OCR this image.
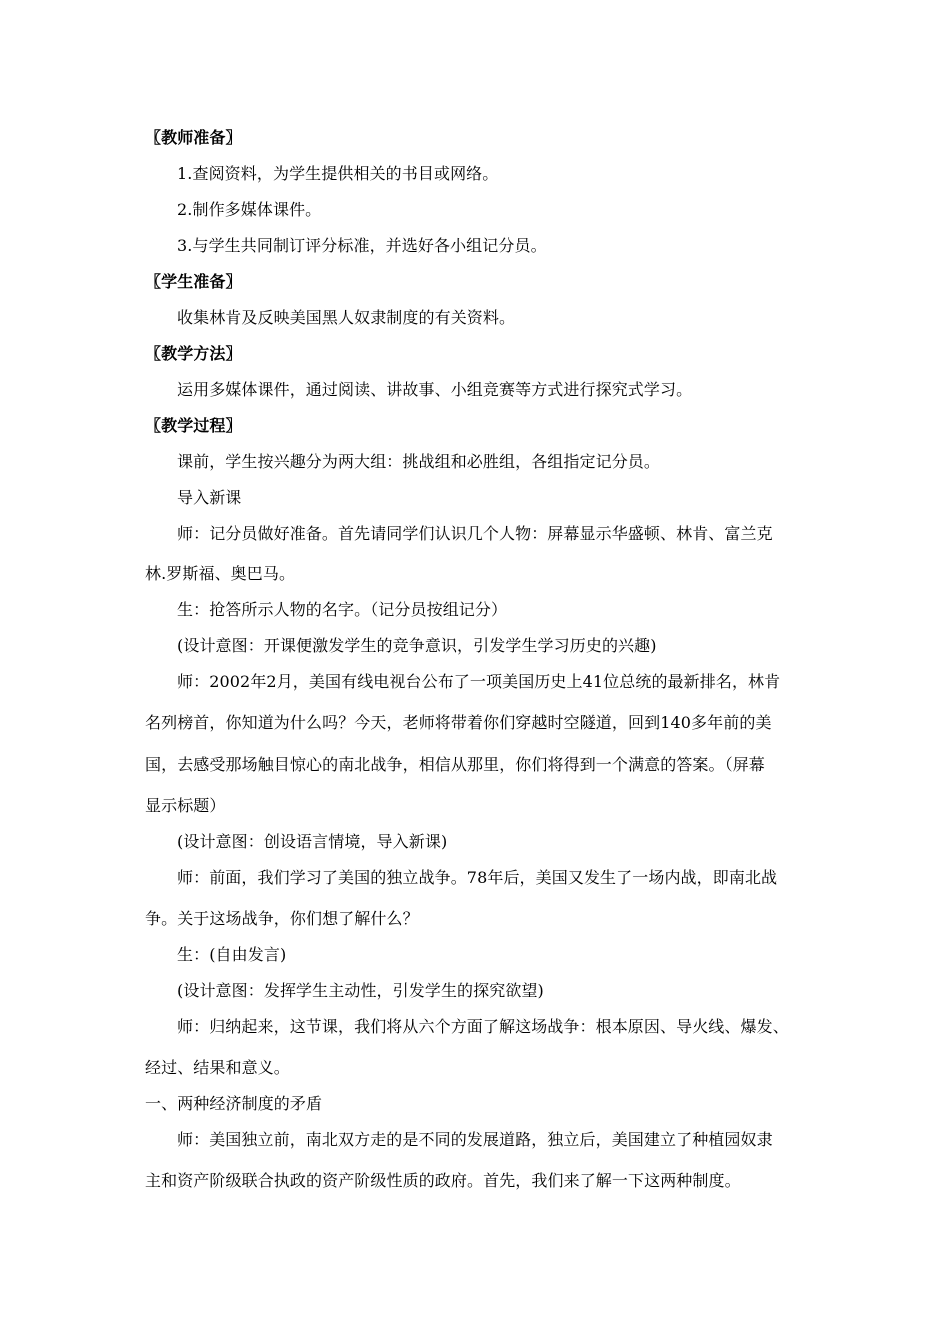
〖教师准备〗
1.查阅资料，为学生提供相关的书目或网络。
2.制作多媒体课件。
3.与学生共同制订评分标准，并选好各小组记分员。
〖学生准备〗
收集林肯及反映美国黑人奴隶制度的有关资料。
〖教学方法〗
运用多媒体课件，通过阅读、讲故事、小组竞赛等方式进行探究式学习。
〖教学过程〗
课前，学生按兴趣分为两大组：挑战组和必胜组，各组指定记分员。
导入新课
师：记分员做好准备。首先请同学们认识几个人物：屏幕显示华盛顿、林肯、富兰克
林.罗斯福、奥巴马。
生：抢答所示人物的名字。（记分员按组记分）
(设计意图：开课便激发学生的竞争意识，引发学生学习历史的兴趣)
师：2002年2月，美国有线电视台公布了一项美国历史上41位总统的最新排名，林肯
名列榜首，你知道为什么吗？今天，老师将带着你们穿越时空隧道，回到140多年前的美
国，去感受那场触目惊心的南北战争，相信从那里，你们将得到一个满意的答案。（屏幕
显示标题）
(设计意图：创设语言情境，导入新课)
师：前面，我们学习了美国的独立战争。78年后，美国又发生了一场内战，即南北战
争。关于这场战争，你们想了解什么？
生：(自由发言)
(设计意图：发挥学生主动性，引发学生的探究欲望)
师：归纳起来，这节课，我们将从六个方面了解这场战争：根本原因、导火线、爆发、
经过、结果和意义。
一、两种经济制度的矛盾
师：美国独立前，南北双方走的是不同的发展道路，独立后，美国建立了种植园奴隶
主和资产阶级联合执政的资产阶级性质的政府。首先，我们来了解一下这两种制度。
